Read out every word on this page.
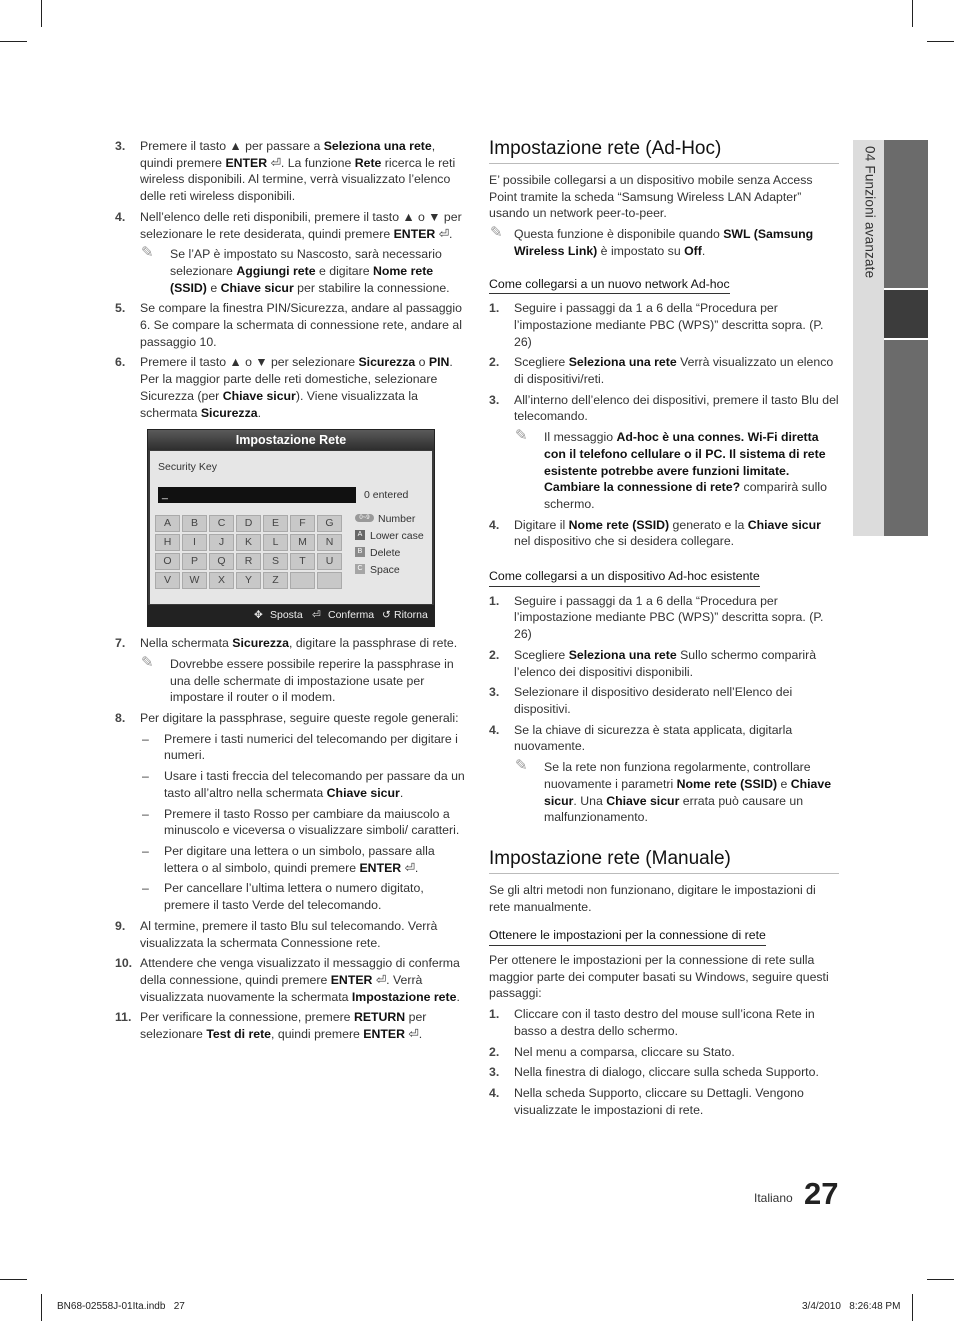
3. Premere il tasto ▲ per passare a Seleziona una rete, quindi premere ENTER ⏎. La funzione Rete ricerca le reti wireless disponibili. Al termine, verrà visualizzato l’elenco delle reti wireless disponibili.
4. Nell’elenco delle reti disponibili, premere il tasto ▲ o ▼ per selezionare le rete desiderata, quindi premere ENTER ⏎.
✎ Se l’AP è impostato su Nascosto, sarà necessario selezionare Aggiungi rete e digitare Nome rete (SSID) e Chiave sicur per stabilire la connessione.
5. Se compare la finestra PIN/Sicurezza, andare al passaggio 6. Se compare la schermata di connessione rete, andare al passaggio 10.
6. Premere il tasto ▲ o ▼ per selezionare Sicurezza o PIN. Per la maggior parte delle reti domestiche, selezionare Sicurezza (per Chiave sicur). Viene visualizzata la schermata Sicurezza.
Impostazione Rete
Security Key
_	0 entered
A	B	C	D	E	F	G
H	I	J	K	L	M	N
O	P	Q	R	S	T	U
V	W	X	Y	Z
0~9 Number
A Lower case
B Delete
C Space
✥ Sposta ⏎ Conferma ↺ Ritorna
7. Nella schermata Sicurezza, digitare la passphrase di rete.
✎ Dovrebbe essere possibile reperire la passphrase in una delle schermate di impostazione usate per impostare il router o il modem.
8. Per digitare la passphrase, seguire queste regole generali:
– Premere i tasti numerici del telecomando per digitare i numeri.
– Usare i tasti freccia del telecomando per passare da un tasto all’altro nella schermata Chiave sicur.
– Premere il tasto Rosso per cambiare da maiuscolo a minuscolo e viceversa o visualizzare simboli/ caratteri.
– Per digitare una lettera o un simbolo, passare alla lettera o al simbolo, quindi premere ENTER ⏎.
– Per cancellare l’ultima lettera o numero digitato, premere il tasto Verde del telecomando.
9. Al termine, premere il tasto Blu sul telecomando. Verrà visualizzata la schermata Connessione rete.
10. Attendere che venga visualizzato il messaggio di conferma della connessione, quindi premere ENTER ⏎. Verrà visualizzata nuovamente la schermata Impostazione rete.
11. Per verificare la connessione, premere RETURN per selezionare Test di rete, quindi premere ENTER ⏎.
Impostazione rete (Ad-Hoc)

E’ possibile collegarsi a un dispositivo mobile senza Access Point tramite la scheda “Samsung Wireless LAN Adapter” usando un network peer-to-peer.

✎ Questa funzione è disponibile quando SWL (Samsung Wireless Link) è impostato su Off.
Come collegarsi a un nuovo network Ad-hoc
1. Seguire i passaggi da 1 a 6 della “Procedura per l’impostazione mediante PBC (WPS)” descritta sopra. (P. 26)
2. Scegliere Seleziona una rete Verrà visualizzato un elenco di dispositivi/reti.
3. All’interno dell’elenco dei dispositivi, premere il tasto Blu del telecomando.
✎ Il messaggio Ad-hoc è una connes. Wi-Fi diretta con il telefono cellulare o il PC. Il sistema di rete esistente potrebbe avere funzioni limitate. Cambiare la connessione di rete? comparirà sullo schermo.
4. Digitare il Nome rete (SSID) generato e la Chiave sicur nel dispositivo che si desidera collegare.
Come collegarsi a un dispositivo Ad-hoc esistente
1. Seguire i passaggi da 1 a 6 della “Procedura per l’impostazione mediante PBC (WPS)” descritta sopra. (P. 26)
2. Scegliere Seleziona una rete Sullo schermo comparirà l’elenco dei dispositivi disponibili.
3. Selezionare il dispositivo desiderato nell’Elenco dei dispositivi.
4. Se la chiave di sicurezza è stata applicata, digitarla nuovamente.
✎ Se la rete non funziona regolarmente, controllare nuovamente i parametri Nome rete (SSID) e Chiave sicur. Una Chiave sicur errata può causare un malfunzionamento.
Impostazione rete (Manuale)

Se gli altri metodi non funzionano, digitare le impostazioni di rete manualmente.

Ottenere le impostazioni per la connessione di rete

Per ottenere le impostazioni per la connessione di rete sulla maggior parte dei computer basati su Windows, seguire questi passaggi:

1. Cliccare con il tasto destro del mouse sull’icona Rete in basso a destra dello schermo.
2. Nel menu a comparsa, cliccare su Stato.
3. Nella finestra di dialogo, cliccare sulla scheda Supporto.
4. Nella scheda Supporto, cliccare su Dettagli. Vengono visualizzate le impostazioni di rete.
04 Funzioni avanzate
Italiano 27
BN68-02558J-01Ita.indb   27	3/4/2010   8:26:48 PM
